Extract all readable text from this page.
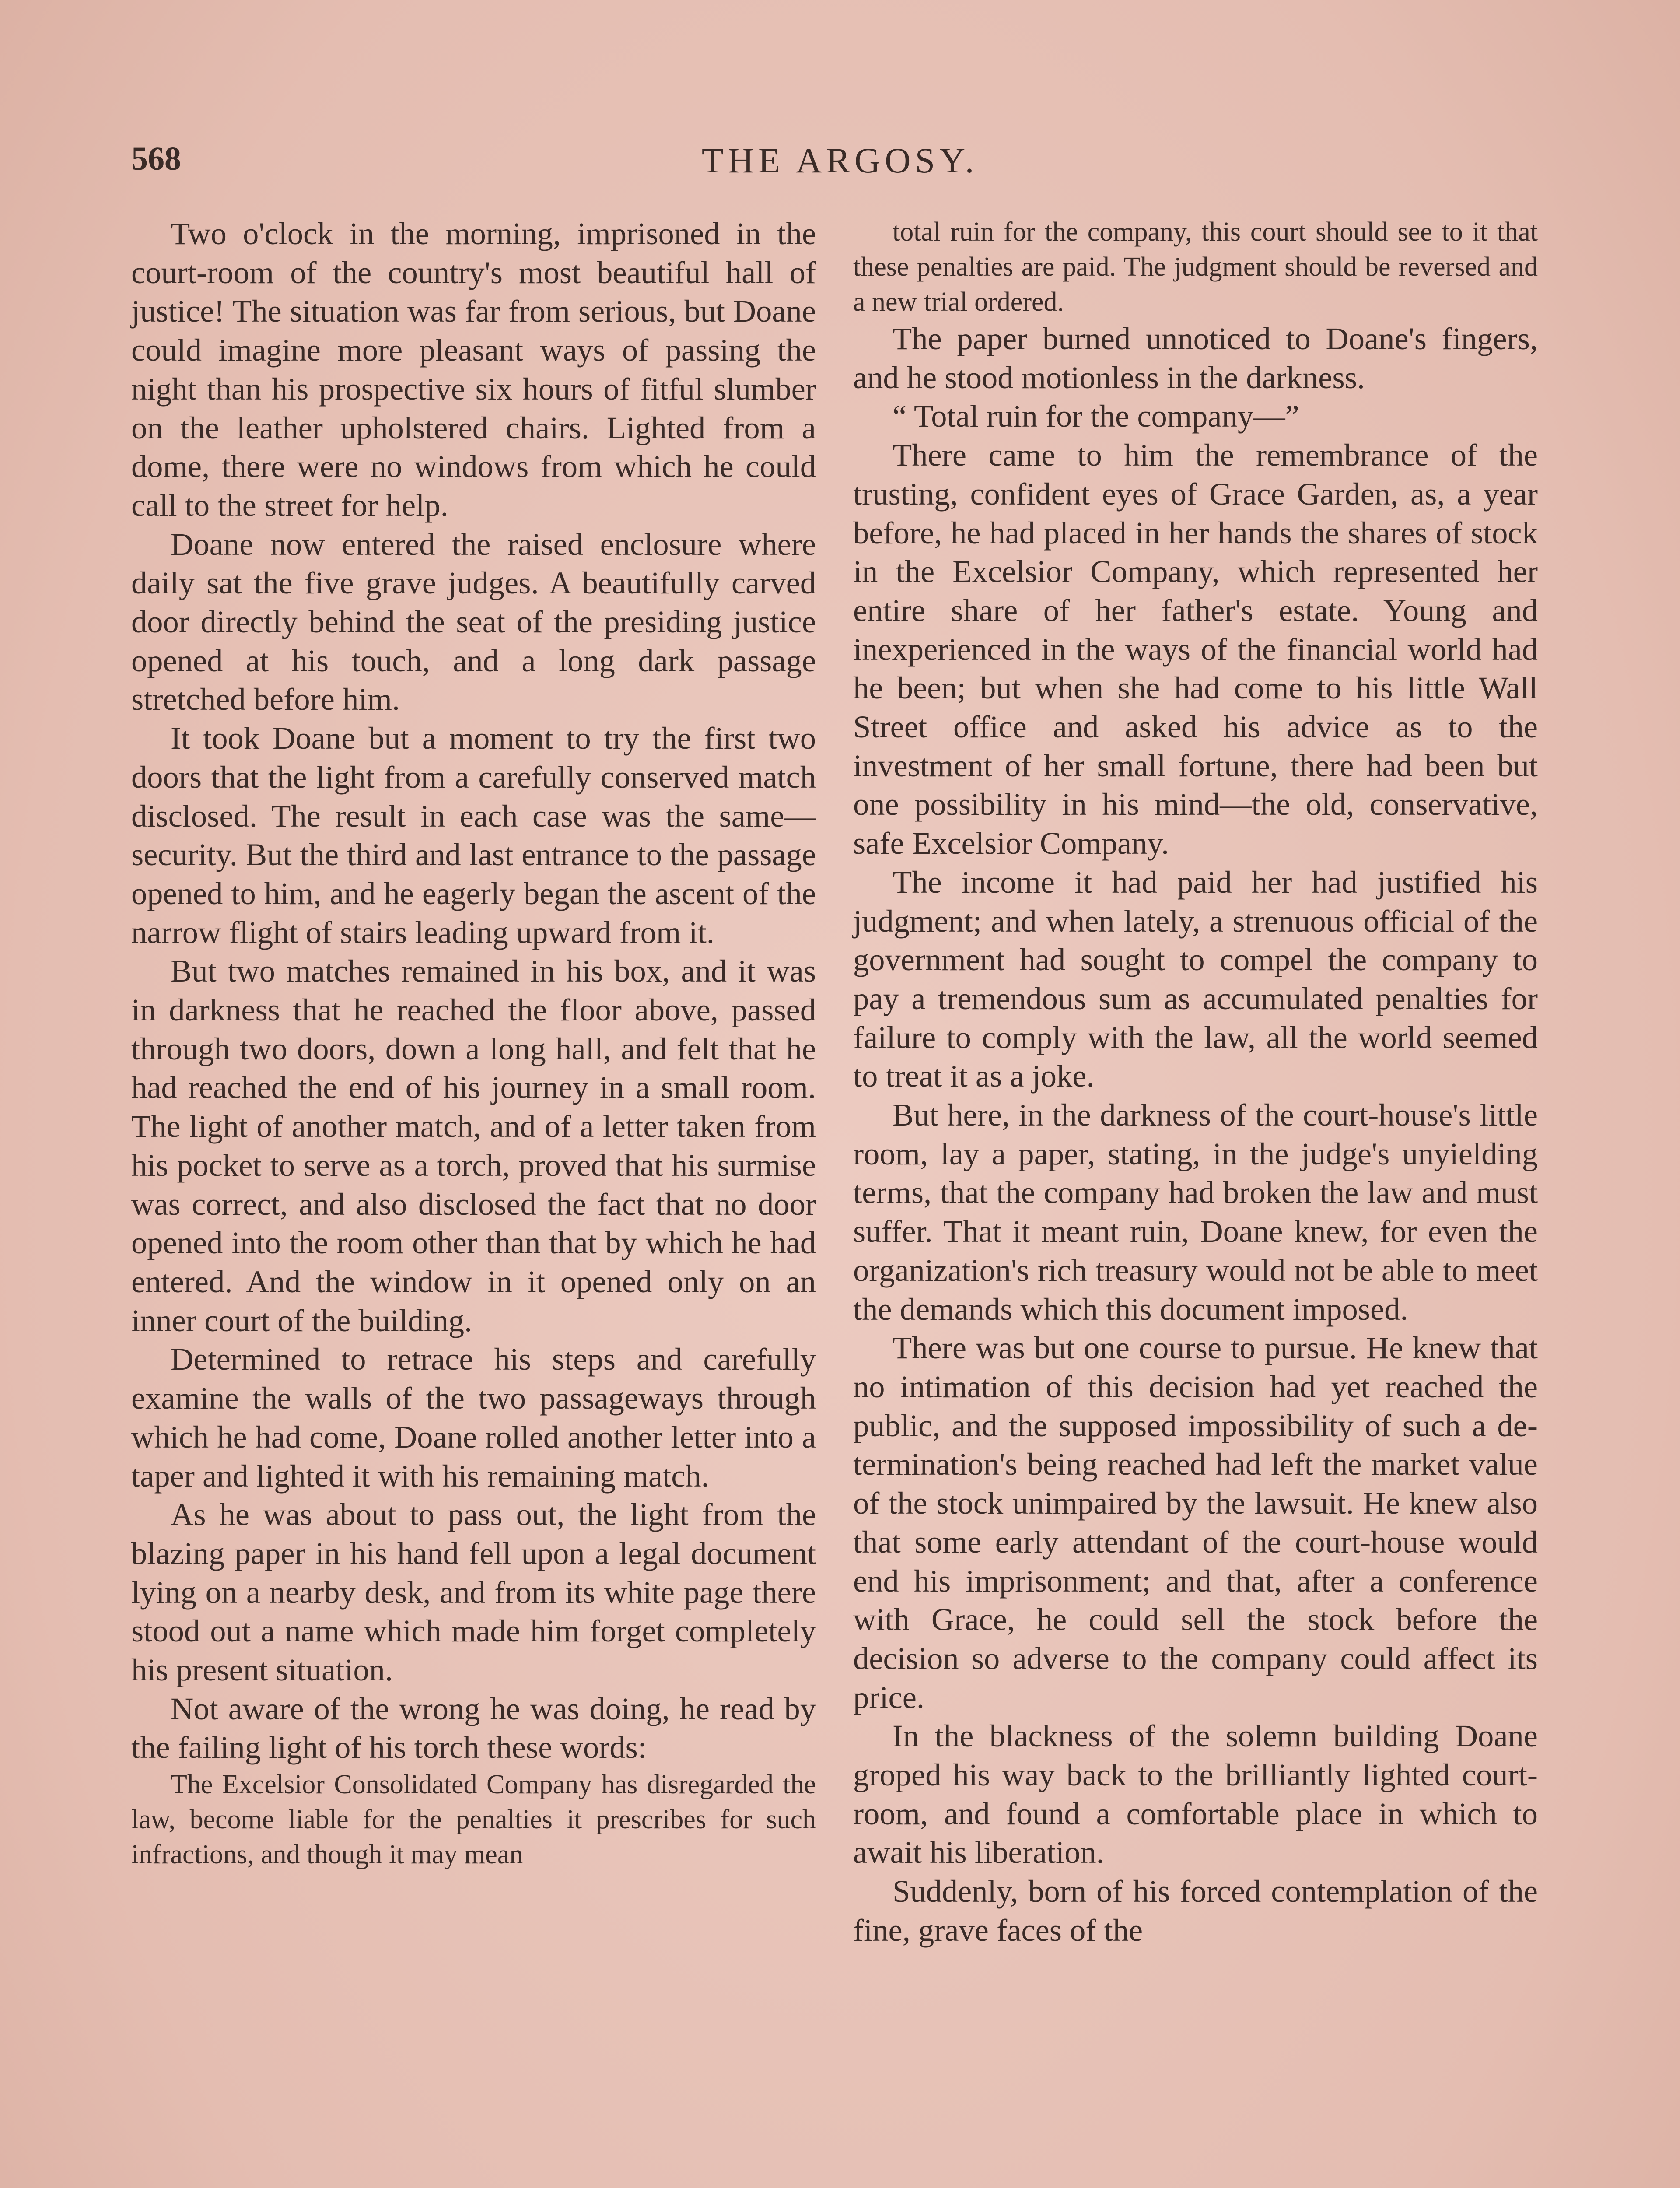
568	THE ARGOSY.

Two o'clock in the morning, imprisoned in the court-room of the country's most beautiful hall of justice! The situation was far from serious, but Doane could imagine more pleasant ways of passing the night than his prospective six hours of fitful slumber on the leather upholstered chairs. Lighted from a dome, there were no windows from which he could call to the street for help.

Doane now entered the raised enclosure where daily sat the five grave judges. A beautifully carved door directly behind the seat of the presiding justice opened at his touch, and a long dark passage stretched before him.

It took Doane but a moment to try the first two doors that the light from a carefully conserved match disclosed. The result in each case was the same—security. But the third and last entrance to the passage opened to him, and he eagerly began the ascent of the narrow flight of stairs leading upward from it.

But two matches remained in his box, and it was in darkness that he reached the floor above, passed through two doors, down a long hall, and felt that he had reached the end of his journey in a small room. The light of another match, and of a letter taken from his pocket to serve as a torch, proved that his surmise was correct, and also disclosed the fact that no door opened into the room other than that by which he had entered. And the window in it opened only on an inner court of the building.

Determined to retrace his steps and carefully examine the walls of the two passageways through which he had come, Doane rolled another letter into a taper and lighted it with his remaining match.

As he was about to pass out, the light from the blazing paper in his hand fell upon a legal document lying on a nearby desk, and from its white page there stood out a name which made him forget completely his present situation.

Not aware of the wrong he was doing, he read by the failing light of his torch these words:

The Excelsior Consolidated Company has disregarded the law, become liable for the penalties it prescribes for such infractions, and though it may mean

total ruin for the company, this court should see to it that these penalties are paid. The judgment should be reversed and a new trial ordered.

The paper burned unnoticed to Doane's fingers, and he stood motionless in the darkness.

“ Total ruin for the company—”

There came to him the remembrance of the trusting, confident eyes of Grace Garden, as, a year before, he had placed in her hands the shares of stock in the Excelsior Company, which represented her entire share of her father's estate. Young and inexperienced in the ways of the financial world had he been; but when she had come to his little Wall Street office and asked his advice as to the investment of her small fortune, there had been but one possibility in his mind—the old, conservative, safe Excelsior Company.

The income it had paid her had justified his judgment; and when lately, a strenuous official of the government had sought to compel the company to pay a tremendous sum as accumulated penalties for failure to comply with the law, all the world seemed to treat it as a joke.

But here, in the darkness of the court-house's little room, lay a paper, stating, in the judge's unyielding terms, that the company had broken the law and must suffer. That it meant ruin, Doane knew, for even the organization's rich treasury would not be able to meet the demands which this document imposed.

There was but one course to pursue. He knew that no intimation of this decision had yet reached the public, and the supposed impossibility of such a determination's being reached had left the market value of the stock unimpaired by the lawsuit. He knew also that some early attendant of the court-house would end his imprisonment; and that, after a conference with Grace, he could sell the stock before the decision so adverse to the company could affect its price.

In the blackness of the solemn building Doane groped his way back to the brilliantly lighted court-room, and found a comfortable place in which to await his liberation.

Suddenly, born of his forced contemplation of the fine, grave faces of the
